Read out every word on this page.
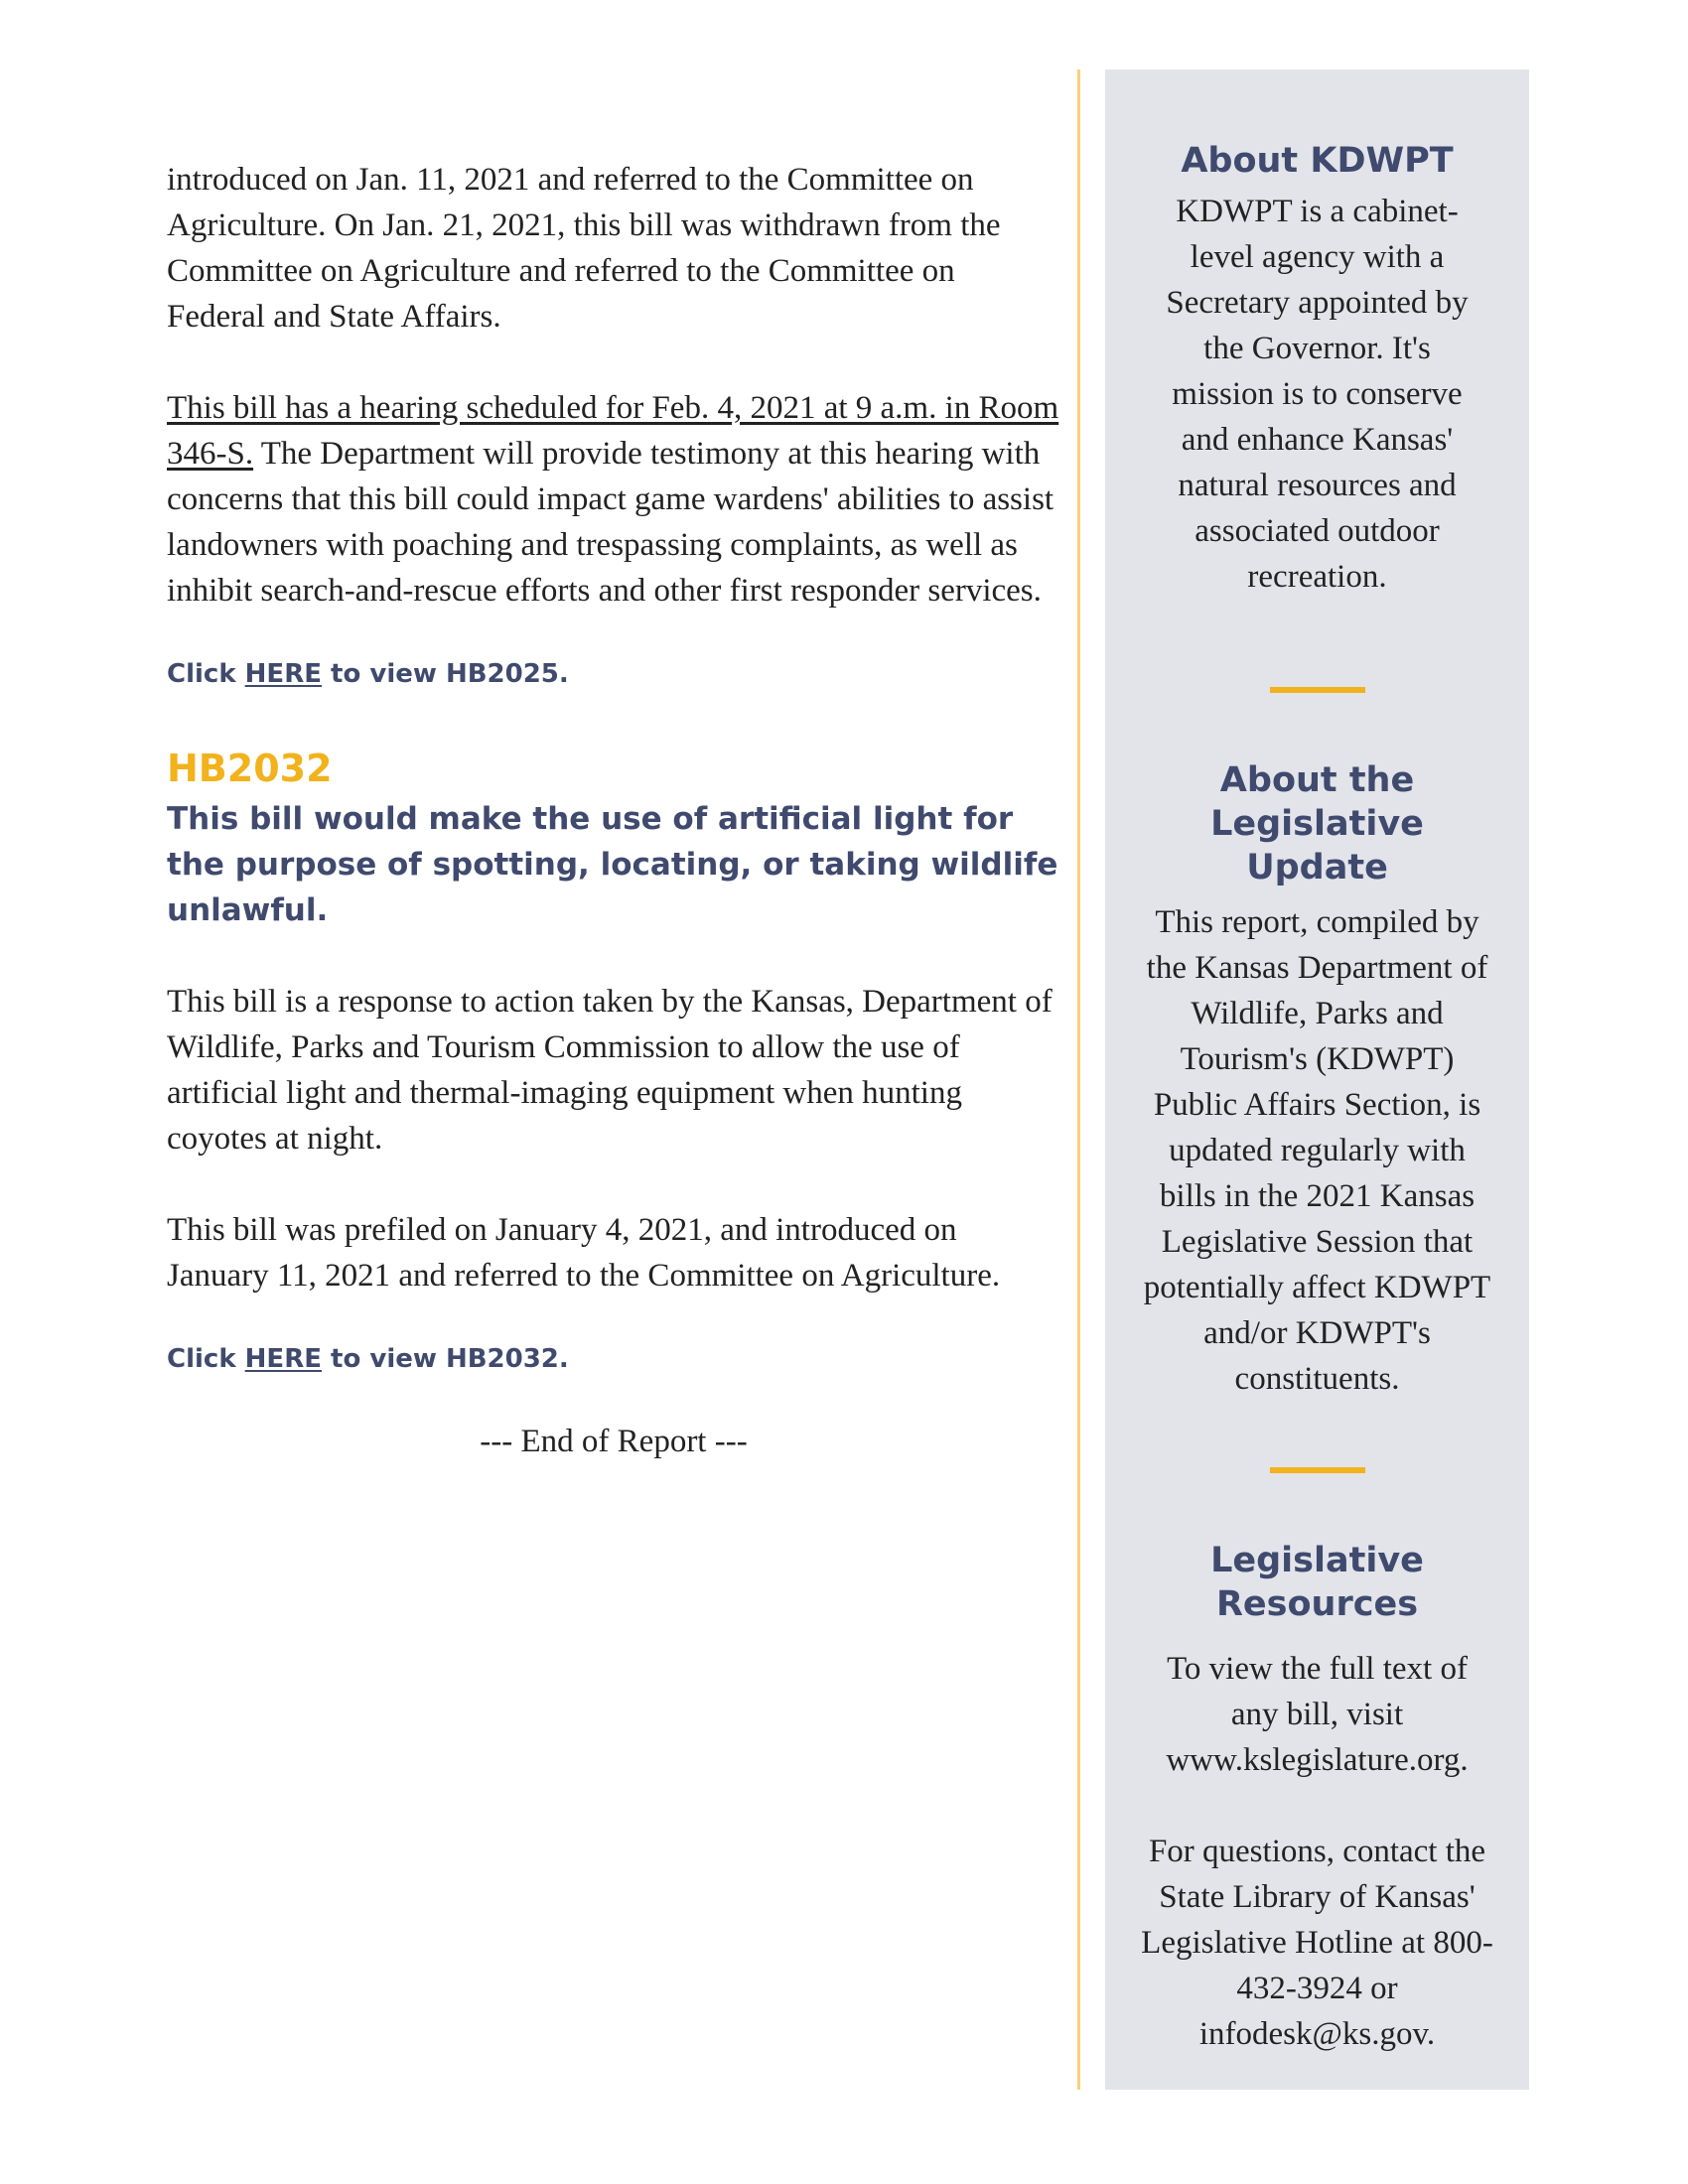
introduced on Jan. 11, 2021 and referred to the Committee on Agriculture. On Jan. 21, 2021, this bill was withdrawn from the Committee on Agriculture and referred to the Committee on Federal and State Affairs.

This bill has a hearing scheduled for Feb. 4, 2021 at 9 a.m. in Room 346-S. The Department will provide testimony at this hearing with concerns that this bill could impact game wardens' abilities to assist landowners with poaching and trespassing complaints, as well as inhibit search-and-rescue efforts and other first responder services.

Click HERE to view HB2025.

HB2032

This bill would make the use of artificial light for the purpose of spotting, locating, or taking wildlife unlawful.

This bill is a response to action taken by the Kansas, Department of Wildlife, Parks and Tourism Commission to allow the use of artificial light and thermal-imaging equipment when hunting coyotes at night.

This bill was prefiled on January 4, 2021, and introduced on January 11, 2021 and referred to the Committee on Agriculture.

Click HERE to view HB2032.

--- End of Report ---

About KDWPT

KDWPT is a cabinet-level agency with a Secretary appointed by the Governor. It's mission is to conserve and enhance Kansas' natural resources and associated outdoor recreation.

About the Legislative Update

This report, compiled by the Kansas Department of Wildlife, Parks and Tourism's (KDWPT) Public Affairs Section, is updated regularly with bills in the 2021 Kansas Legislative Session that potentially affect KDWPT and/or KDWPT's constituents.

Legislative Resources

To view the full text of any bill, visit www.kslegislature.org.

For questions, contact the State Library of Kansas' Legislative Hotline at 800-432-3924 or infodesk@ks.gov.
